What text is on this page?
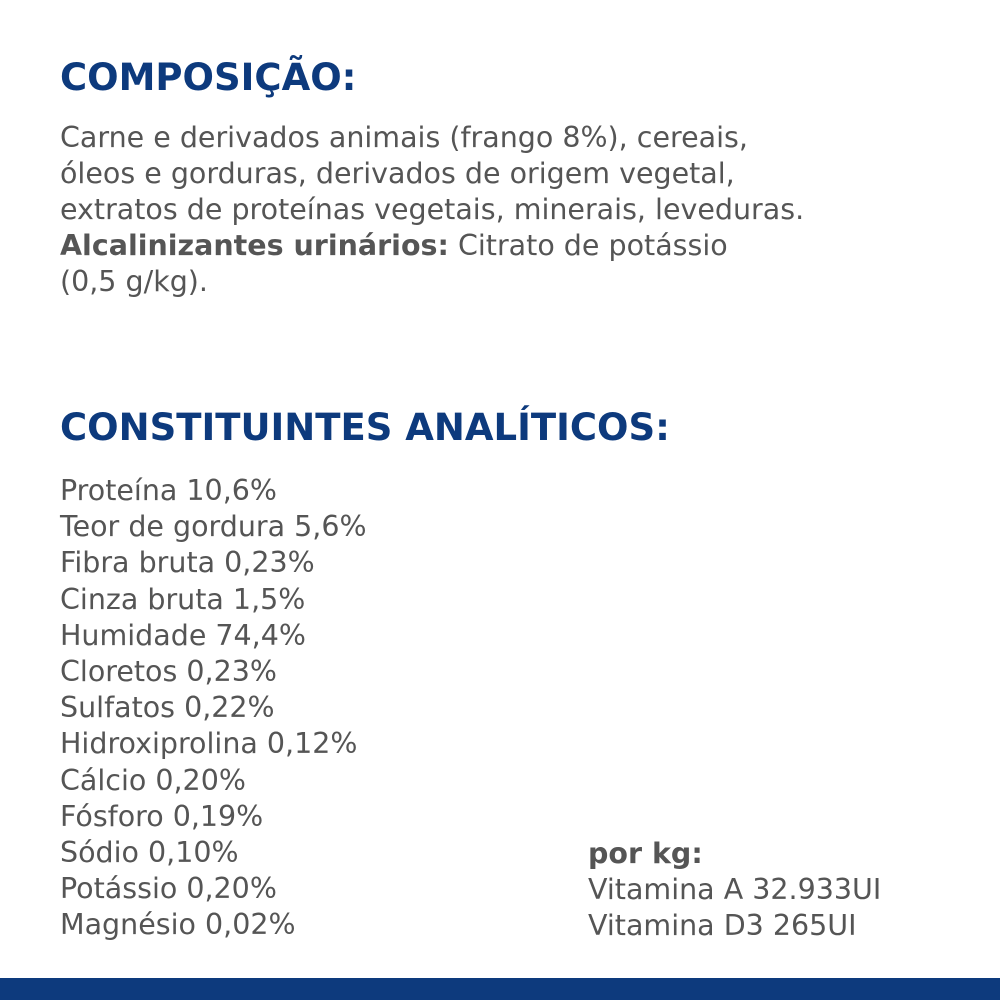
COMPOSIÇÃO:
Carne e derivados animais (frango 8%), cereais,
óleos e gorduras, derivados de origem vegetal,
extratos de proteínas vegetais, minerais, leveduras.
Alcalinizantes urinários: Citrato de potássio
(0,5 g/kg).
CONSTITUINTES ANALÍTICOS:
Proteína 10,6%
Teor de gordura 5,6%
Fibra bruta 0,23%
Cinza bruta 1,5%
Humidade 74,4%
Cloretos 0,23%
Sulfatos 0,22%
Hidroxiprolina 0,12%
Cálcio 0,20%
Fósforo 0,19%
Sódio 0,10%
Potássio 0,20%
Magnésio 0,02%
por kg:
Vitamina A 32.933UI
Vitamina D3 265UI
